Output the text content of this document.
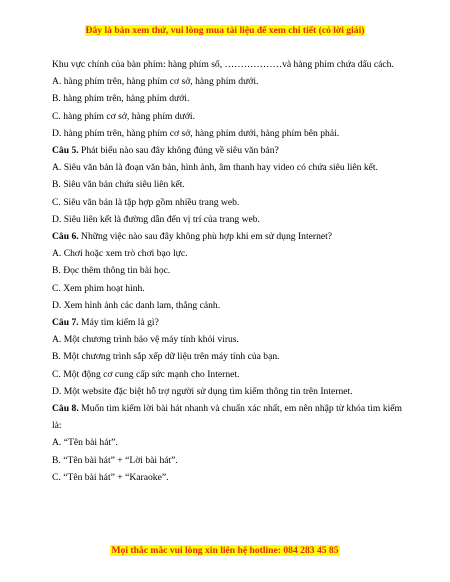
Đây là bản xem thử, vui lòng mua tài liệu để xem chi tiết (có lời giải)

Khu vực chính của bàn phím: hàng phím số, ………………và hàng phím chứa dấu cách.

A. hàng phím trên, hàng phím cơ sở, hàng phím dưới.

B. hàng phím trên, hàng phím dưới.

C. hàng phím cơ sở, hàng phím dưới.

D. hàng phím trên, hàng phím cơ sở, hàng phím dưới, hàng phím bên phải.

Câu 5. Phát biểu nào sau đây không đúng về siêu văn bản?

A. Siêu văn bản là đoạn văn bản, hình ảnh, âm thanh hay video có chứa siêu liên kết.

B. Siêu văn bản chứa siêu liên kết.

C. Siêu văn bản là tập hợp gồm nhiều trang web.

D. Siêu liên kết là đường dẫn đến vị trí của trang web.

Câu 6. Những việc nào sau đây không phù hợp khi em sử dụng Internet?

A. Chơi hoặc xem trò chơi bạo lực.

B. Đọc thêm thông tin bài học.

C. Xem phim hoạt hình.

D. Xem hình ảnh các danh lam, thắng cảnh.

Câu 7. Máy tìm kiếm là gì?

A. Một chương trình bảo vệ máy tính khỏi virus.

B. Một chương trình sắp xếp dữ liệu trên máy tính của bạn.

C. Một động cơ cung cấp sức mạnh cho Internet.

D. Một website đặc biệt hỗ trợ người sử dụng tìm kiếm thông tin trên Internet.

Câu 8. Muốn tìm kiếm lời bài hát nhanh và chuẩn xác nhất, em nên nhập từ khóa tìm kiếm là:

A. “Tên bài hát”.

B. “Tên bài hát” + “Lời bài hát”.

C. “Tên bài hát” + “Karaoke”.

Mọi thắc mắc vui lòng xin liên hệ hotline: 084 283 45 85
